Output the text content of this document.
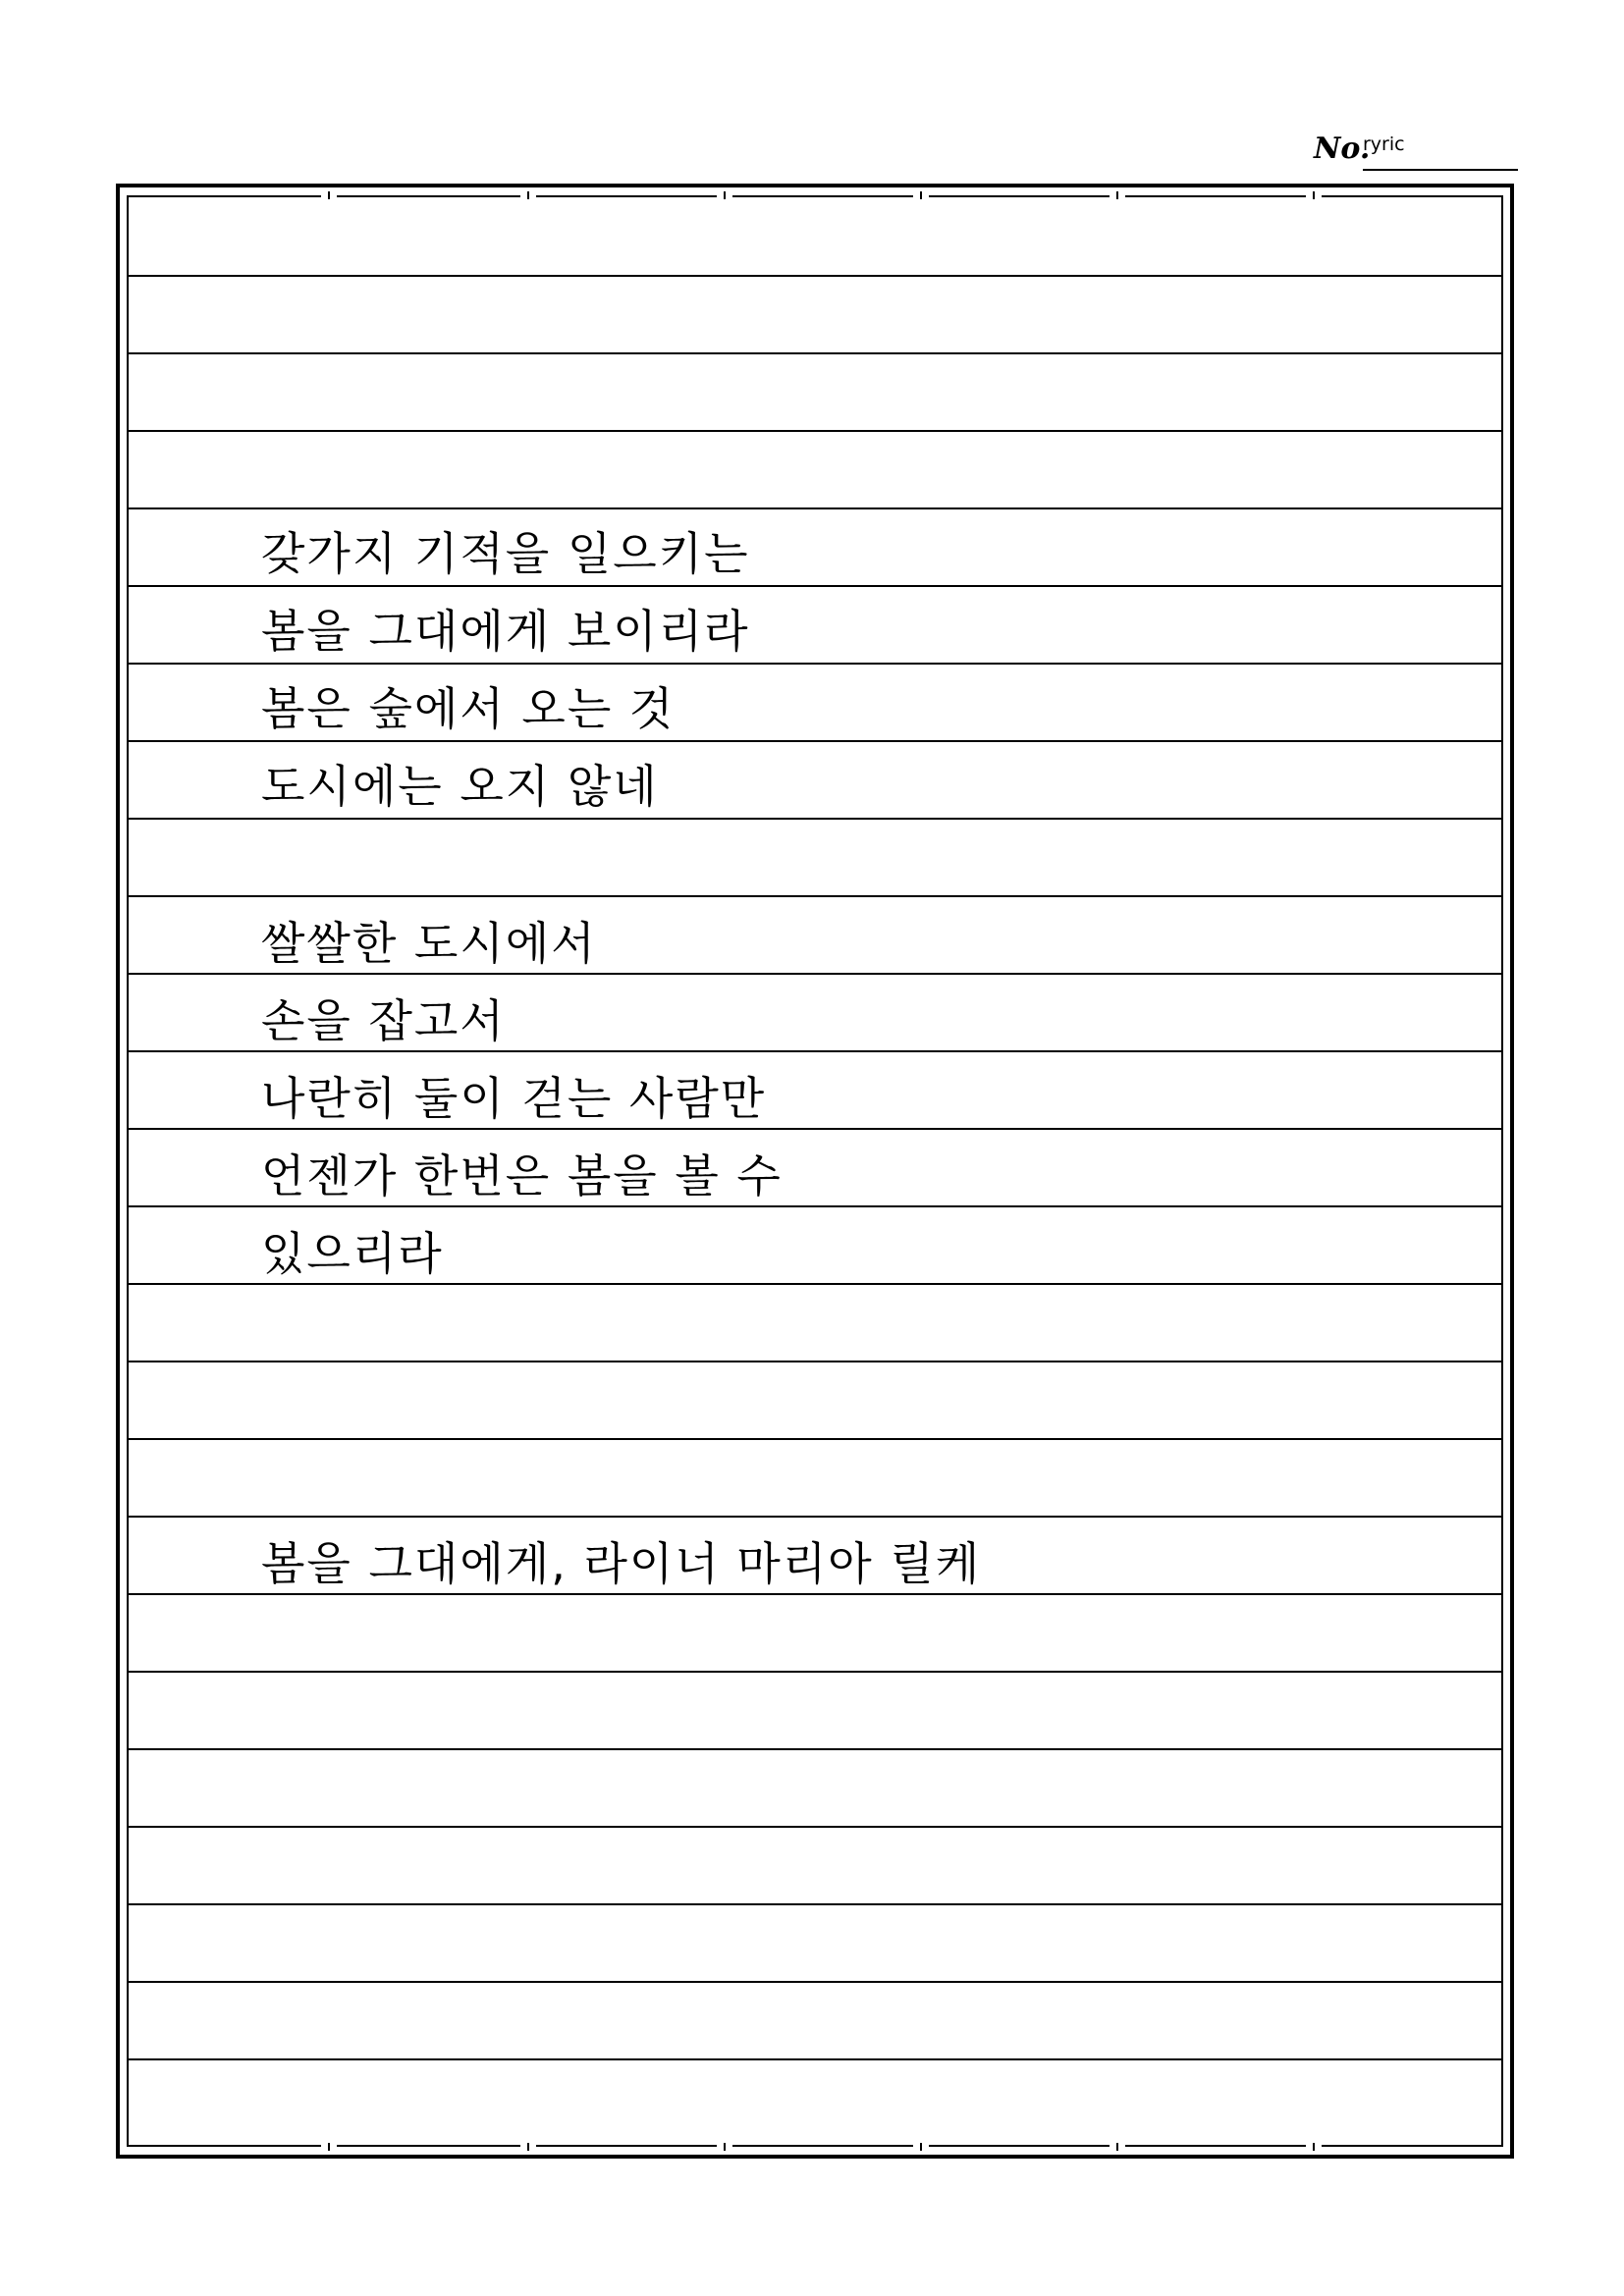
No.
ryric
갖가지 기적을 일으키는
봄을 그대에게 보이리라
봄은 숲에서 오는 것
도시에는 오지 않네
쌀쌀한 도시에서
손을 잡고서
나란히 둘이 걷는 사람만
언젠가 한번은 봄을 볼 수
있으리라
봄을 그대에게, 라이너 마리아 릴케
